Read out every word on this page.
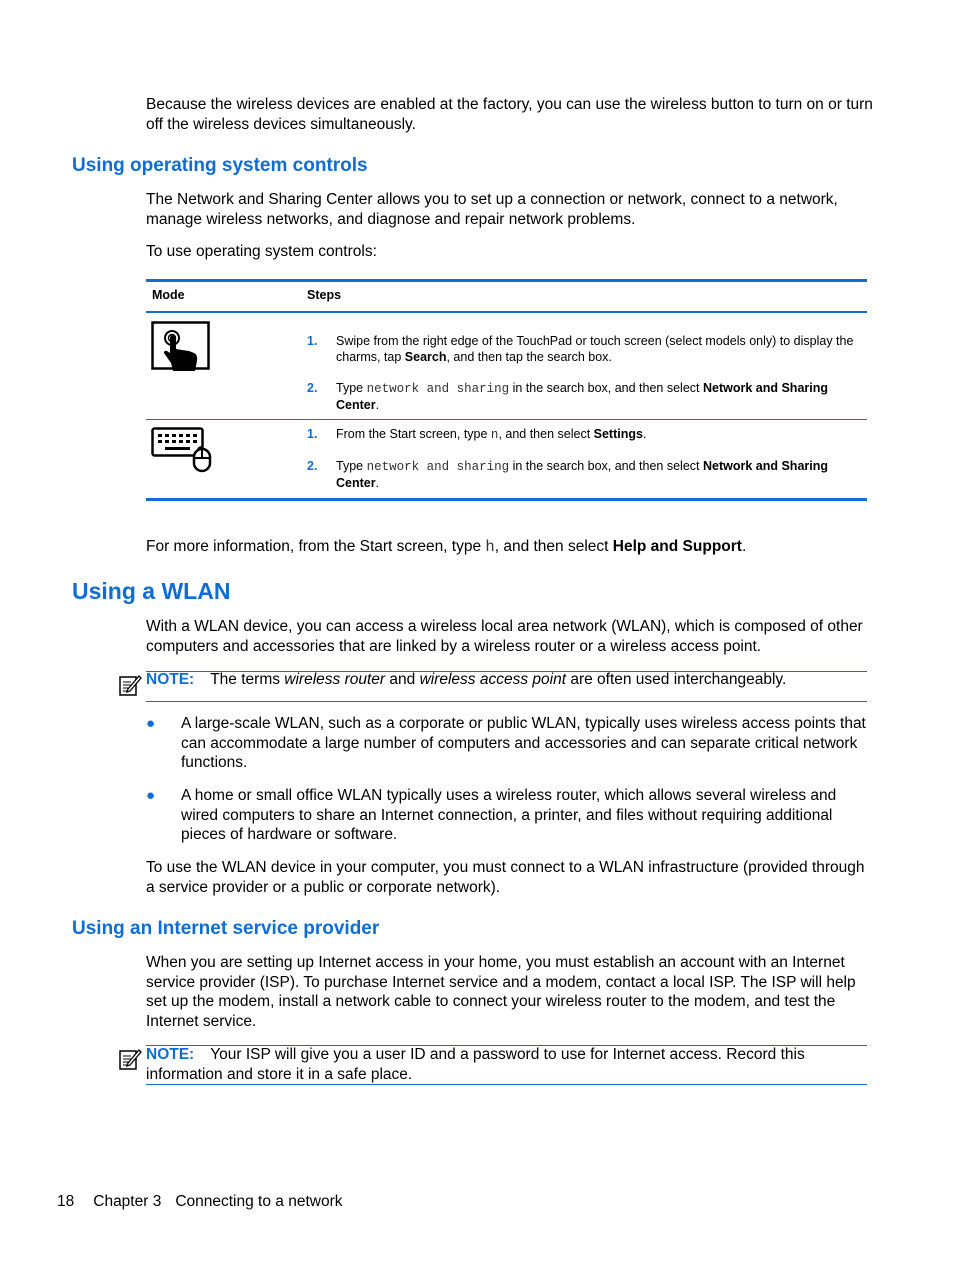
Because the wireless devices are enabled at the factory, you can use the wireless button to turn on or turn off the wireless devices simultaneously.
Using operating system controls
The Network and Sharing Center allows you to set up a connection or network, connect to a network, manage wireless networks, and diagnose and repair network problems.
To use operating system controls:
Mode	Steps
1. Swipe from the right edge of the TouchPad or touch screen (select models only) to display the charms, tap Search, and then tap the search box.
2. Type network and sharing in the search box, and then select Network and Sharing Center.
1. From the Start screen, type n, and then select Settings.
2. Type network and sharing in the search box, and then select Network and Sharing Center.
For more information, from the Start screen, type h, and then select Help and Support.
Using a WLAN
With a WLAN device, you can access a wireless local area network (WLAN), which is composed of other computers and accessories that are linked by a wireless router or a wireless access point.
NOTE: The terms wireless router and wireless access point are often used interchangeably.
● A large-scale WLAN, such as a corporate or public WLAN, typically uses wireless access points that can accommodate a large number of computers and accessories and can separate critical network functions.
● A home or small office WLAN typically uses a wireless router, which allows several wireless and wired computers to share an Internet connection, a printer, and files without requiring additional pieces of hardware or software.
To use the WLAN device in your computer, you must connect to a WLAN infrastructure (provided through a service provider or a public or corporate network).
Using an Internet service provider
When you are setting up Internet access in your home, you must establish an account with an Internet service provider (ISP). To purchase Internet service and a modem, contact a local ISP. The ISP will help set up the modem, install a network cable to connect your wireless router to the modem, and test the Internet service.
NOTE: Your ISP will give you a user ID and a password to use for Internet access. Record this information and store it in a safe place.
18 Chapter 3 Connecting to a network
